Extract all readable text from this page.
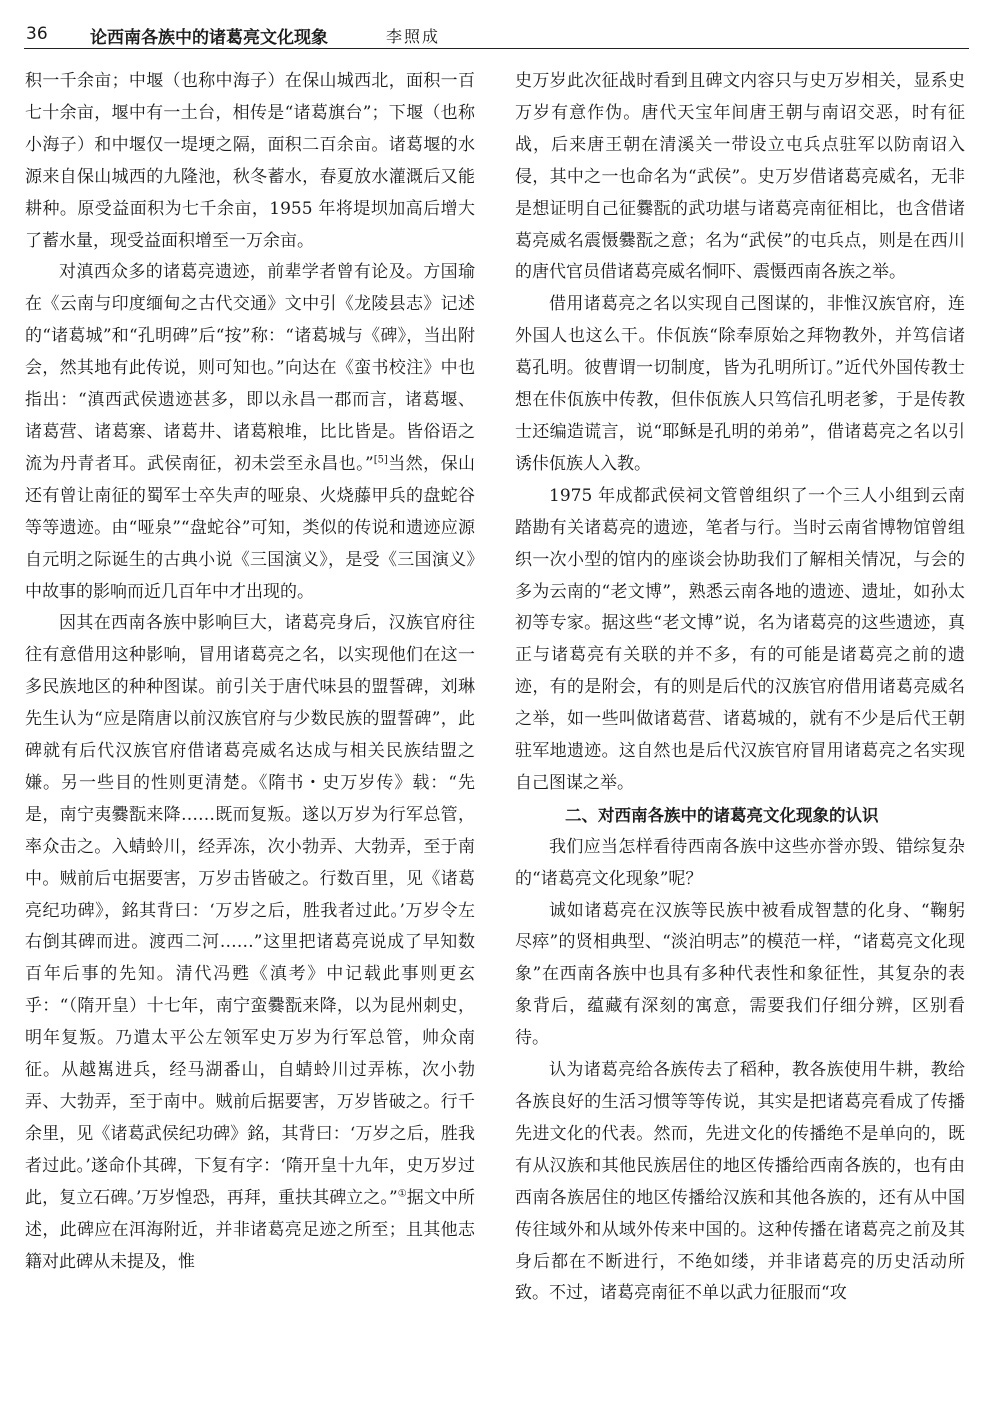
36 论西南各族中的诸葛亮文化现象	李照成

积一千余亩；中堰（也称中海子）在保山城西北，面积一百七十余亩，堰中有一土台，相传是“诸葛旗台”；下堰（也称小海子）和中堰仅一堤埂之隔，面积二百余亩。诸葛堰的水源来自保山城西的九隆池，秋冬蓄水，春夏放水灌溉后又能耕种。原受益面积为七千余亩，1955 年将堤坝加高后增大了蓄水量，现受益面积增至一万余亩。

对滇西众多的诸葛亮遗迹，前辈学者曾有论及。方国瑜在《云南与印度缅甸之古代交通》文中引《龙陵县志》记述的“诸葛城”和“孔明碑”后“按”称：“诸葛城与《碑》，当出附会，然其地有此传说，则可知也。”向达在《蛮书校注》中也指出：“滇西武侯遗迹甚多，即以永昌一郡而言，诸葛堰、诸葛营、诸葛寨、诸葛井、诸葛粮堆，比比皆是。皆俗语之流为丹青者耳。武侯南征，初未尝至永昌也。”[5]当然，保山还有曾让南征的蜀军士卒失声的哑泉、火烧藤甲兵的盘蛇谷等等遗迹。由“哑泉”“盘蛇谷”可知，类似的传说和遗迹应源自元明之际诞生的古典小说《三国演义》，是受《三国演义》中故事的影响而近几百年中才出现的。

因其在西南各族中影响巨大，诸葛亮身后，汉族官府往往有意借用这种影响，冒用诸葛亮之名，以实现他们在这一多民族地区的种种图谋。前引关于唐代味县的盟誓碑，刘琳先生认为“应是隋唐以前汉族官府与少数民族的盟誓碑”，此碑就有后代汉族官府借诸葛亮威名达成与相关民族结盟之嫌。另一些目的性则更清楚。《隋书・史万岁传》载：“先是，南宁夷爨翫来降……既而复叛。遂以万岁为行军总管，率众击之。入蜻蛉川，经弄冻，次小勃弄、大勃弄，至于南中。贼前后屯据要害，万岁击皆破之。行数百里，见《诸葛亮纪功碑》，銘其背曰：‘万岁之后，胜我者过此。’万岁令左右倒其碑而进。渡西二河……”这里把诸葛亮说成了早知数百年后事的先知。清代冯甦《滇考》中记载此事则更玄乎：“（隋开皇）十七年，南宁蛮爨翫来降，以为昆州刺史，明年复叛。乃遣太平公左领军史万岁为行军总管，帅众南征。从越嶲进兵，经马湖番山，自蜻蛉川过弄栋，次小勃弄、大勃弄，至于南中。贼前后据要害，万岁皆破之。行千余里，见《诸葛武侯纪功碑》銘，其背曰：‘万岁之后，胜我者过此。’遂命仆其碑，下复有字：‘隋开皇十九年，史万岁过此，复立石碑。’万岁惶恐，再拜，重扶其碑立之。”①据文中所述，此碑应在洱海附近，并非诸葛亮足迹之所至；且其他志籍对此碑从未提及，惟

史万岁此次征战时看到且碑文内容只与史万岁相关，显系史万岁有意作伪。唐代天宝年间唐王朝与南诏交恶，时有征战，后来唐王朝在清溪关一带设立屯兵点驻军以防南诏入侵，其中之一也命名为“武侯”。史万岁借诸葛亮威名，无非是想证明自己征爨翫的武功堪与诸葛亮南征相比，也含借诸葛亮威名震慑爨翫之意；名为“武侯”的屯兵点，则是在西川的唐代官员借诸葛亮威名恫吓、震慑西南各族之举。

借用诸葛亮之名以实现自己图谋的，非惟汉族官府，连外国人也这么干。佧佤族“除奉原始之拜物教外，并笃信诸葛孔明。彼曹谓一切制度，皆为孔明所订。”近代外国传教士想在佧佤族中传教，但佧佤族人只笃信孔明老爹，于是传教士还编造谎言，说“耶稣是孔明的弟弟”，借诸葛亮之名以引诱佧佤族人入教。

1975 年成都武侯祠文管曾组织了一个三人小组到云南踏勘有关诸葛亮的遗迹，笔者与行。当时云南省博物馆曾组织一次小型的馆内的座谈会协助我们了解相关情况，与会的多为云南的“老文博”，熟悉云南各地的遗迹、遗址，如孙太初等专家。据这些“老文博”说，名为诸葛亮的这些遗迹，真正与诸葛亮有关联的并不多，有的可能是诸葛亮之前的遗迹，有的是附会，有的则是后代的汉族官府借用诸葛亮威名之举，如一些叫做诸葛营、诸葛城的，就有不少是后代王朝驻军地遗迹。这自然也是后代汉族官府冒用诸葛亮之名实现自己图谋之举。

二、对西南各族中的诸葛亮文化现象的认识

我们应当怎样看待西南各族中这些亦誉亦毁、错综复杂的“诸葛亮文化现象”呢？

诚如诸葛亮在汉族等民族中被看成智慧的化身、“鞠躬尽瘁”的贤相典型、“淡泊明志”的模范一样，“诸葛亮文化现象”在西南各族中也具有多种代表性和象征性，其复杂的表象背后，蕴藏有深刻的寓意，需要我们仔细分辨，区别看待。

认为诸葛亮给各族传去了稻种，教各族使用牛耕，教给各族良好的生活习惯等等传说，其实是把诸葛亮看成了传播先进文化的代表。然而，先进文化的传播绝不是单向的，既有从汉族和其他民族居住的地区传播给西南各族的，也有由西南各族居住的地区传播给汉族和其他各族的，还有从中国传往域外和从域外传来中国的。这种传播在诸葛亮之前及其身后都在不断进行，不绝如缕，并非诸葛亮的历史活动所致。不过，诸葛亮南征不单以武力征服而“攻
